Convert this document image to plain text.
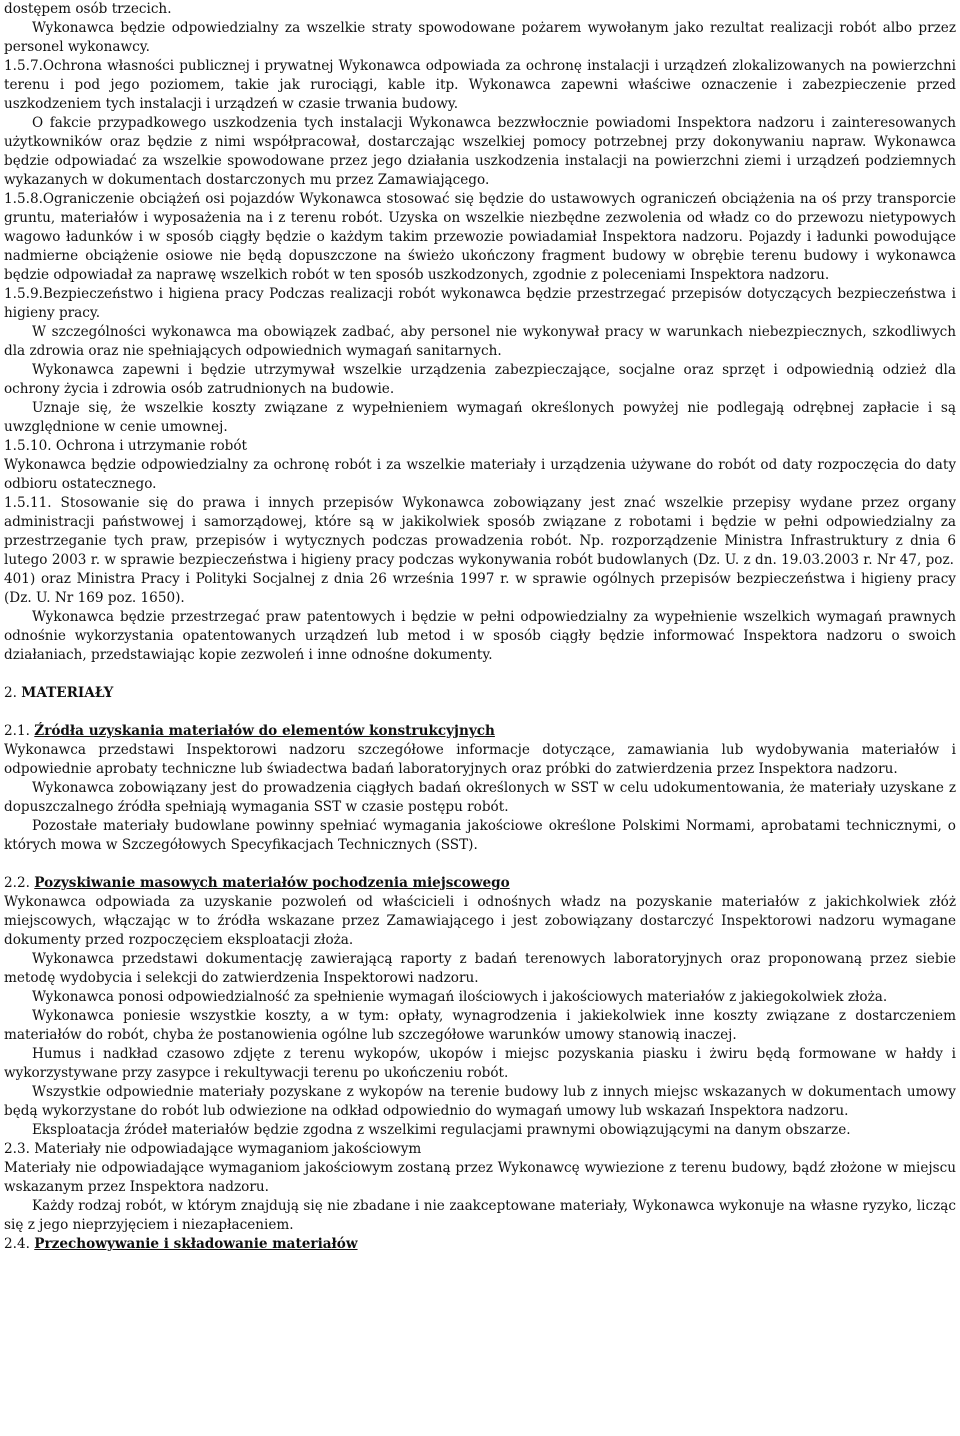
dostępem osób trzecich.

Wykonawca będzie odpowiedzialny za wszelkie straty spowodowane pożarem wywołanym jako rezultat realizacji robót albo przez personel wykonawcy.

1.5.7.Ochrona własności publicznej i prywatnej Wykonawca odpowiada za ochronę instalacji i urządzeń zlokalizowanych na powierzchni terenu i pod jego poziomem, takie jak rurociągi, kable itp. Wykonawca zapewni właściwe oznaczenie i zabezpieczenie przed uszkodzeniem tych instalacji i urządzeń w czasie trwania budowy.

O fakcie przypadkowego uszkodzenia tych instalacji Wykonawca bezzwłocznie powiadomi Inspektora nadzoru i zainteresowanych użytkowników oraz będzie z nimi współpracował, dostarczając wszelkiej pomocy potrzebnej przy dokonywaniu napraw. Wykonawca będzie odpowiadać za wszelkie spowodowane przez jego działania uszkodzenia instalacji na powierzchni ziemi i urządzeń podziemnych wykazanych w dokumentach dostarczonych mu przez Zamawiającego.

1.5.8.Ograniczenie obciążeń osi pojazdów Wykonawca stosować się będzie do ustawowych ograniczeń obciążenia na oś przy transporcie gruntu, materiałów i wyposażenia na i z terenu robót. Uzyska on wszelkie niezbędne zezwolenia od władz co do przewozu nietypowych wagowo ładunków i w sposób ciągły będzie o każdym takim przewozie powiadamiał Inspektora nadzoru. Pojazdy i ładunki powodujące nadmierne obciążenie osiowe nie będą dopuszczone na świeżo ukończony fragment budowy w obrębie terenu budowy i wykonawca będzie odpowiadał za naprawę wszelkich robót w ten sposób uszkodzonych, zgodnie z poleceniami Inspektora nadzoru.

1.5.9.Bezpieczeństwo i higiena pracy Podczas realizacji robót wykonawca będzie przestrzegać przepisów dotyczących bezpieczeństwa i higieny pracy.

W szczególności wykonawca ma obowiązek zadbać, aby personel nie wykonywał pracy w warunkach niebezpiecznych, szkodliwych dla zdrowia oraz nie spełniających odpowiednich wymagań sanitarnych.

Wykonawca zapewni i będzie utrzymywał wszelkie urządzenia zabezpieczające, socjalne oraz sprzęt i odpowiednią odzież dla ochrony życia i zdrowia osób zatrudnionych na budowie.

Uznaje się, że wszelkie koszty związane z wypełnieniem wymagań określonych powyżej nie podlegają odrębnej zapłacie i są uwzględnione w cenie umownej.

1.5.10. Ochrona i utrzymanie robót

Wykonawca będzie odpowiedzialny za ochronę robót i za wszelkie materiały i urządzenia używane do robót od daty rozpoczęcia do daty odbioru ostatecznego.

1.5.11. Stosowanie się do prawa i innych przepisów Wykonawca zobowiązany jest znać wszelkie przepisy wydane przez organy administracji państwowej i samorządowej, które są w jakikolwiek sposób związane z robotami i będzie w pełni odpowiedzialny za przestrzeganie tych praw, przepisów i wytycznych podczas prowadzenia robót. Np. rozporządzenie Ministra Infrastruktury z dnia 6 lutego 2003 r. w sprawie bezpieczeństwa i higieny pracy podczas wykonywania robót budowlanych (Dz. U. z dn. 19.03.2003 r. Nr 47, poz.

401) oraz Ministra Pracy i Polityki Socjalnej z dnia 26 września 1997 r. w sprawie ogólnych przepisów bezpieczeństwa i higieny pracy (Dz. U. Nr 169 poz. 1650).

Wykonawca będzie przestrzegać praw patentowych i będzie w pełni odpowiedzialny za wypełnienie wszelkich wymagań prawnych odnośnie wykorzystania opatentowanych urządzeń lub metod i w sposób ciągły będzie informować Inspektora nadzoru o swoich działaniach, przedstawiając kopie zezwoleń i inne odnośne dokumenty.

2. MATERIAŁY

2.1. Źródła uzyskania materiałów do elementów konstrukcyjnych

Wykonawca przedstawi Inspektorowi nadzoru szczegółowe informacje dotyczące, zamawiania lub wydobywania materiałów i odpowiednie aprobaty techniczne lub świadectwa badań laboratoryjnych oraz próbki do zatwierdzenia przez Inspektora nadzoru.

Wykonawca zobowiązany jest do prowadzenia ciągłych badań określonych w SST w celu udokumentowania, że materiały uzyskane z dopuszczalnego źródła spełniają wymagania SST w czasie postępu robót.

Pozostałe materiały budowlane powinny spełniać wymagania jakościowe określone Polskimi Normami, aprobatami technicznymi, o których mowa w Szczegółowych Specyfikacjach Technicznych (SST).

2.2. Pozyskiwanie masowych materiałów pochodzenia miejscowego

Wykonawca odpowiada za uzyskanie pozwoleń od właścicieli i odnośnych władz na pozyskanie materiałów z jakichkolwiek złóż miejscowych, włączając w to źródła wskazane przez Zamawiającego i jest zobowiązany dostarczyć Inspektorowi nadzoru wymagane dokumenty przed rozpoczęciem eksploatacji złoża.

Wykonawca przedstawi dokumentację zawierającą raporty z badań terenowych laboratoryjnych oraz proponowaną przez siebie metodę wydobycia i selekcji do zatwierdzenia Inspektorowi nadzoru.

Wykonawca ponosi odpowiedzialność za spełnienie wymagań ilościowych i jakościowych materiałów z jakiegokolwiek złoża.

Wykonawca poniesie wszystkie koszty, a w tym: opłaty, wynagrodzenia i jakiekolwiek inne koszty związane z dostarczeniem materiałów do robót, chyba że postanowienia ogólne lub szczegółowe warunków umowy stanowią inaczej.

Humus i nadkład czasowo zdjęte z terenu wykopów, ukopów i miejsc pozyskania piasku i żwiru będą formowane w hałdy i wykorzystywane przy zasypce i rekultywacji terenu po ukończeniu robót.

Wszystkie odpowiednie materiały pozyskane z wykopów na terenie budowy lub z innych miejsc wskazanych w dokumentach umowy będą wykorzystane do robót lub odwiezione na odkład odpowiednio do wymagań umowy lub wskazań Inspektora nadzoru.

Eksploatacja źródeł materiałów będzie zgodna z wszelkimi regulacjami prawnymi obowiązującymi na danym obszarze.

2.3. Materiały nie odpowiadające wymaganiom jakościowym

Materiały nie odpowiadające wymaganiom jakościowym zostaną przez Wykonawcę wywiezione z terenu budowy, bądź złożone w miejscu wskazanym przez Inspektora nadzoru.

Każdy rodzaj robót, w którym znajdują się nie zbadane i nie zaakceptowane materiały, Wykonawca wykonuje na własne ryzyko, licząc się z jego nieprzyjęciem i niezapłaceniem.

2.4. Przechowywanie i składowanie materiałów
